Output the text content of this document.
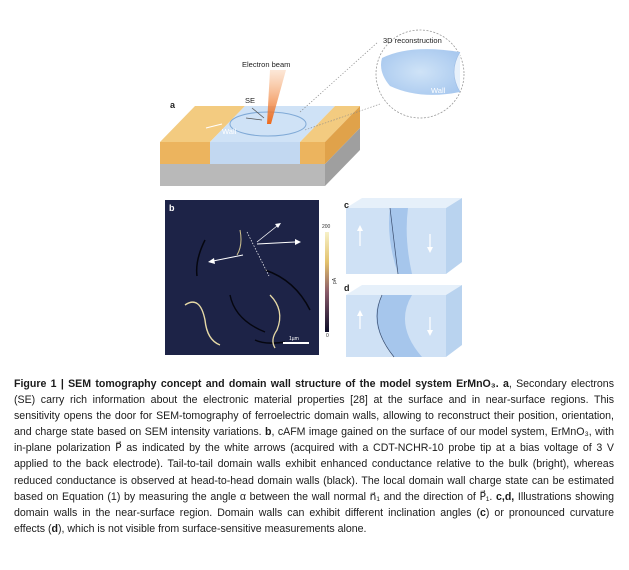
a
Electron beam
SE
Wall
3D reconstruction
Wall
b
200
0
pA
1µm
c
d
Figure 1 | SEM tomography concept and domain wall structure of the model system ErMnO₃. a, Secondary electrons (SE) carry rich information about the electronic material properties [28] at the surface and in near-surface regions. This sensitivity opens the door for SEM-tomography of ferroelectric domain walls, allowing to reconstruct their position, orientation, and charge state based on SEM intensity variations. b, cAFM image gained on the surface of our model system, ErMnO₃, with in-plane polarization P⃗ as indicated by the white arrows (acquired with a CDT-NCHR-10 probe tip at a bias voltage of 3 V applied to the back electrode). Tail-to-tail domain walls exhibit enhanced conductance relative to the bulk (bright), whereas reduced conductance is observed at head-to-head domain walls (black). The local domain wall charge state can be estimated based on Equation (1) by measuring the angle α between the wall normal n⃗₁ and the direction of P⃗₁. c,d, Illustrations showing domain walls in the near-surface region. Domain walls can exhibit different inclination angles (c) or pronounced curvature effects (d), which is not visible from surface-sensitive measurements alone.
